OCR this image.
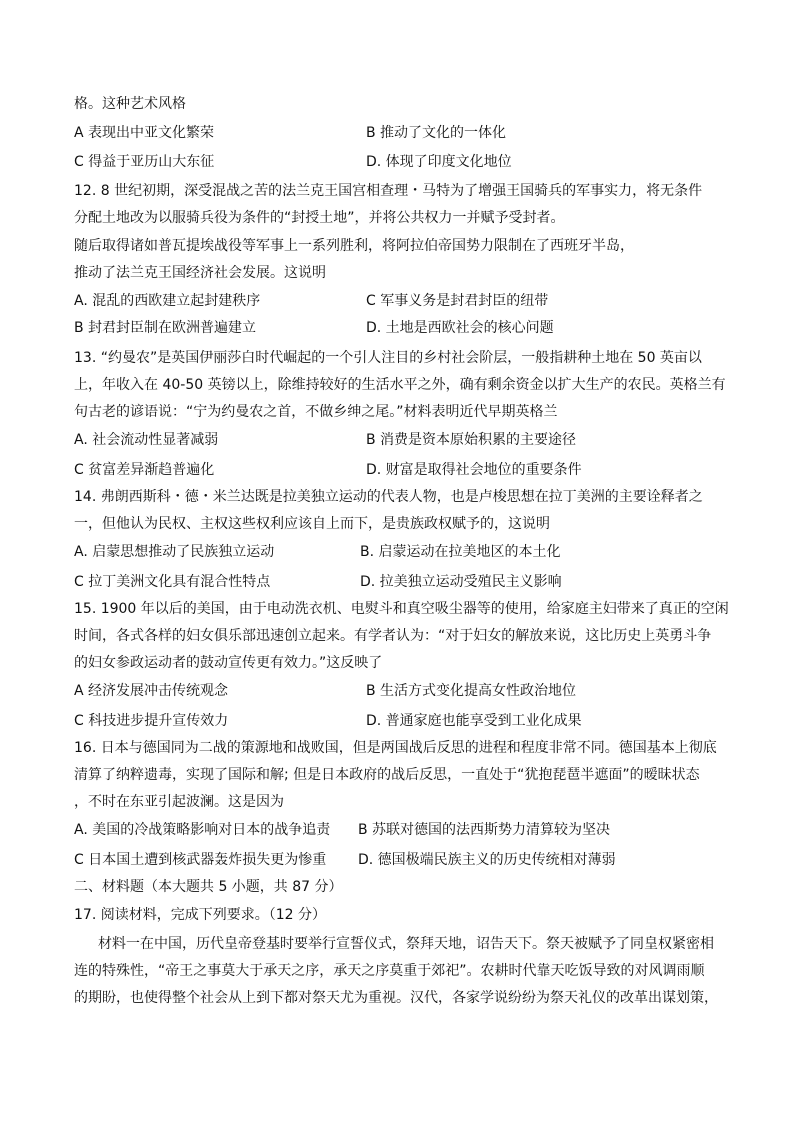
格。这种艺术风格
A 表现出中亚文化繁荣	B 推动了文化的一体化
C 得益于亚历山大东征	D. 体现了印度文化地位
12. 8 世纪初期，深受混战之苦的法兰克王国宫相查理・马特为了增强王国骑兵的军事实力，将无条件
分配土地改为以服骑兵役为条件的“封授土地”，并将公共权力一并赋予受封者。
随后取得诸如普瓦提埃战役等军事上一系列胜利，将阿拉伯帝国势力限制在了西班牙半岛，
推动了法兰克王国经济社会发展。这说明
A. 混乱的西欧建立起封建秩序	C 军事义务是封君封臣的纽带
B 封君封臣制在欧洲普遍建立	D. 土地是西欧社会的核心问题
13. “约曼农”是英国伊丽莎白时代崛起的一个引人注目的乡村社会阶层，一般指耕种土地在 50 英亩以
上，年收入在 40-50 英镑以上，除维持较好的生活水平之外，确有剩余资金以扩大生产的农民。英格兰有
句古老的谚语说：“宁为约曼农之首，不做乡绅之尾。”材料表明近代早期英格兰
A. 社会流动性显著减弱	B 消费是资本原始积累的主要途径
C 贫富差异渐趋普遍化	D. 财富是取得社会地位的重要条件
14. 弗朗西斯科・德・米兰达既是拉美独立运动的代表人物，也是卢梭思想在拉丁美洲的主要诠释者之
一，但他认为民权、主权这些权利应该自上而下，是贵族政权赋予的，这说明
A. 启蒙思想推动了民族独立运动	B. 启蒙运动在拉美地区的本土化
C 拉丁美洲文化具有混合性特点	D. 拉美独立运动受殖民主义影响
15. 1900 年以后的美国，由于电动洗衣机、电熨斗和真空吸尘器等的使用，给家庭主妇带来了真正的空闲
时间，各式各样的妇女俱乐部迅速创立起来。有学者认为：“对于妇女的解放来说，这比历史上英勇斗争
的妇女参政运动者的鼓动宣传更有效力。”这反映了
A 经济发展冲击传统观念	B 生活方式变化提高女性政治地位
C 科技进步提升宣传效力	D. 普通家庭也能享受到工业化成果
16. 日本与德国同为二战的策源地和战败国，但是两国战后反思的进程和程度非常不同。德国基本上彻底
清算了纳粹遗毒，实现了国际和解; 但是日本政府的战后反思，一直处于“犹抱琵琶半遮面”的暧昧状态
，不时在东亚引起波澜。这是因为
A. 美国的冷战策略影响对日本的战争追责 B 苏联对德国的法西斯势力清算较为坚决
C 日本国土遭到核武器轰炸损失更为惨重 D. 德国极端民族主义的历史传统相对薄弱
二、材料题（本大题共 5 小题，共 87 分）
17. 阅读材料，完成下列要求。（12 分）
材料一在中国，历代皇帝登基时要举行宣誓仪式，祭拜天地，诏告天下。祭天被赋予了同皇权紧密相
连的特殊性，“帝王之事莫大于承天之序，承天之序莫重于郊祀”。农耕时代靠天吃饭导致的对风调雨顺
的期盼，也使得整个社会从上到下都对祭天尤为重视。汉代，各家学说纷纷为祭天礼仪的改革出谋划策，
